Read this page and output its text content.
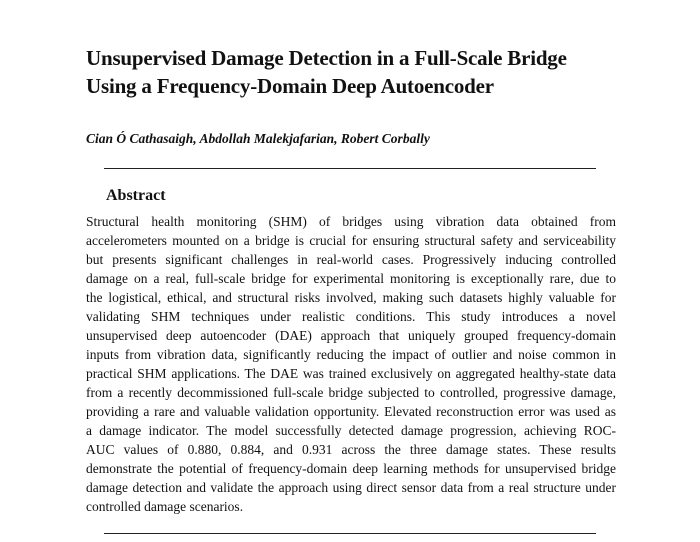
Unsupervised Damage Detection in a Full-Scale Bridge
Using a Frequency-Domain Deep Autoencoder

Cian Ó Cathasaigh, Abdollah Malekjafarian, Robert Corbally

Abstract
Structural health monitoring (SHM) of bridges using vibration data obtained from
accelerometers mounted on a bridge is crucial for ensuring structural safety and serviceability
but presents significant challenges in real-world cases. Progressively inducing controlled
damage on a real, full-scale bridge for experimental monitoring is exceptionally rare, due to
the logistical, ethical, and structural risks involved, making such datasets highly valuable for
validating SHM techniques under realistic conditions. This study introduces a novel
unsupervised deep autoencoder (DAE) approach that uniquely grouped frequency-domain
inputs from vibration data, significantly reducing the impact of outlier and noise common in
practical SHM applications. The DAE was trained exclusively on aggregated healthy-state data
from a recently decommissioned full-scale bridge subjected to controlled, progressive damage,
providing a rare and valuable validation opportunity. Elevated reconstruction error was used as
a damage indicator. The model successfully detected damage progression, achieving ROC-
AUC values of 0.880, 0.884, and 0.931 across the three damage states. These results
demonstrate the potential of frequency-domain deep learning methods for unsupervised bridge
damage detection and validate the approach using direct sensor data from a real structure under
controlled damage scenarios.
